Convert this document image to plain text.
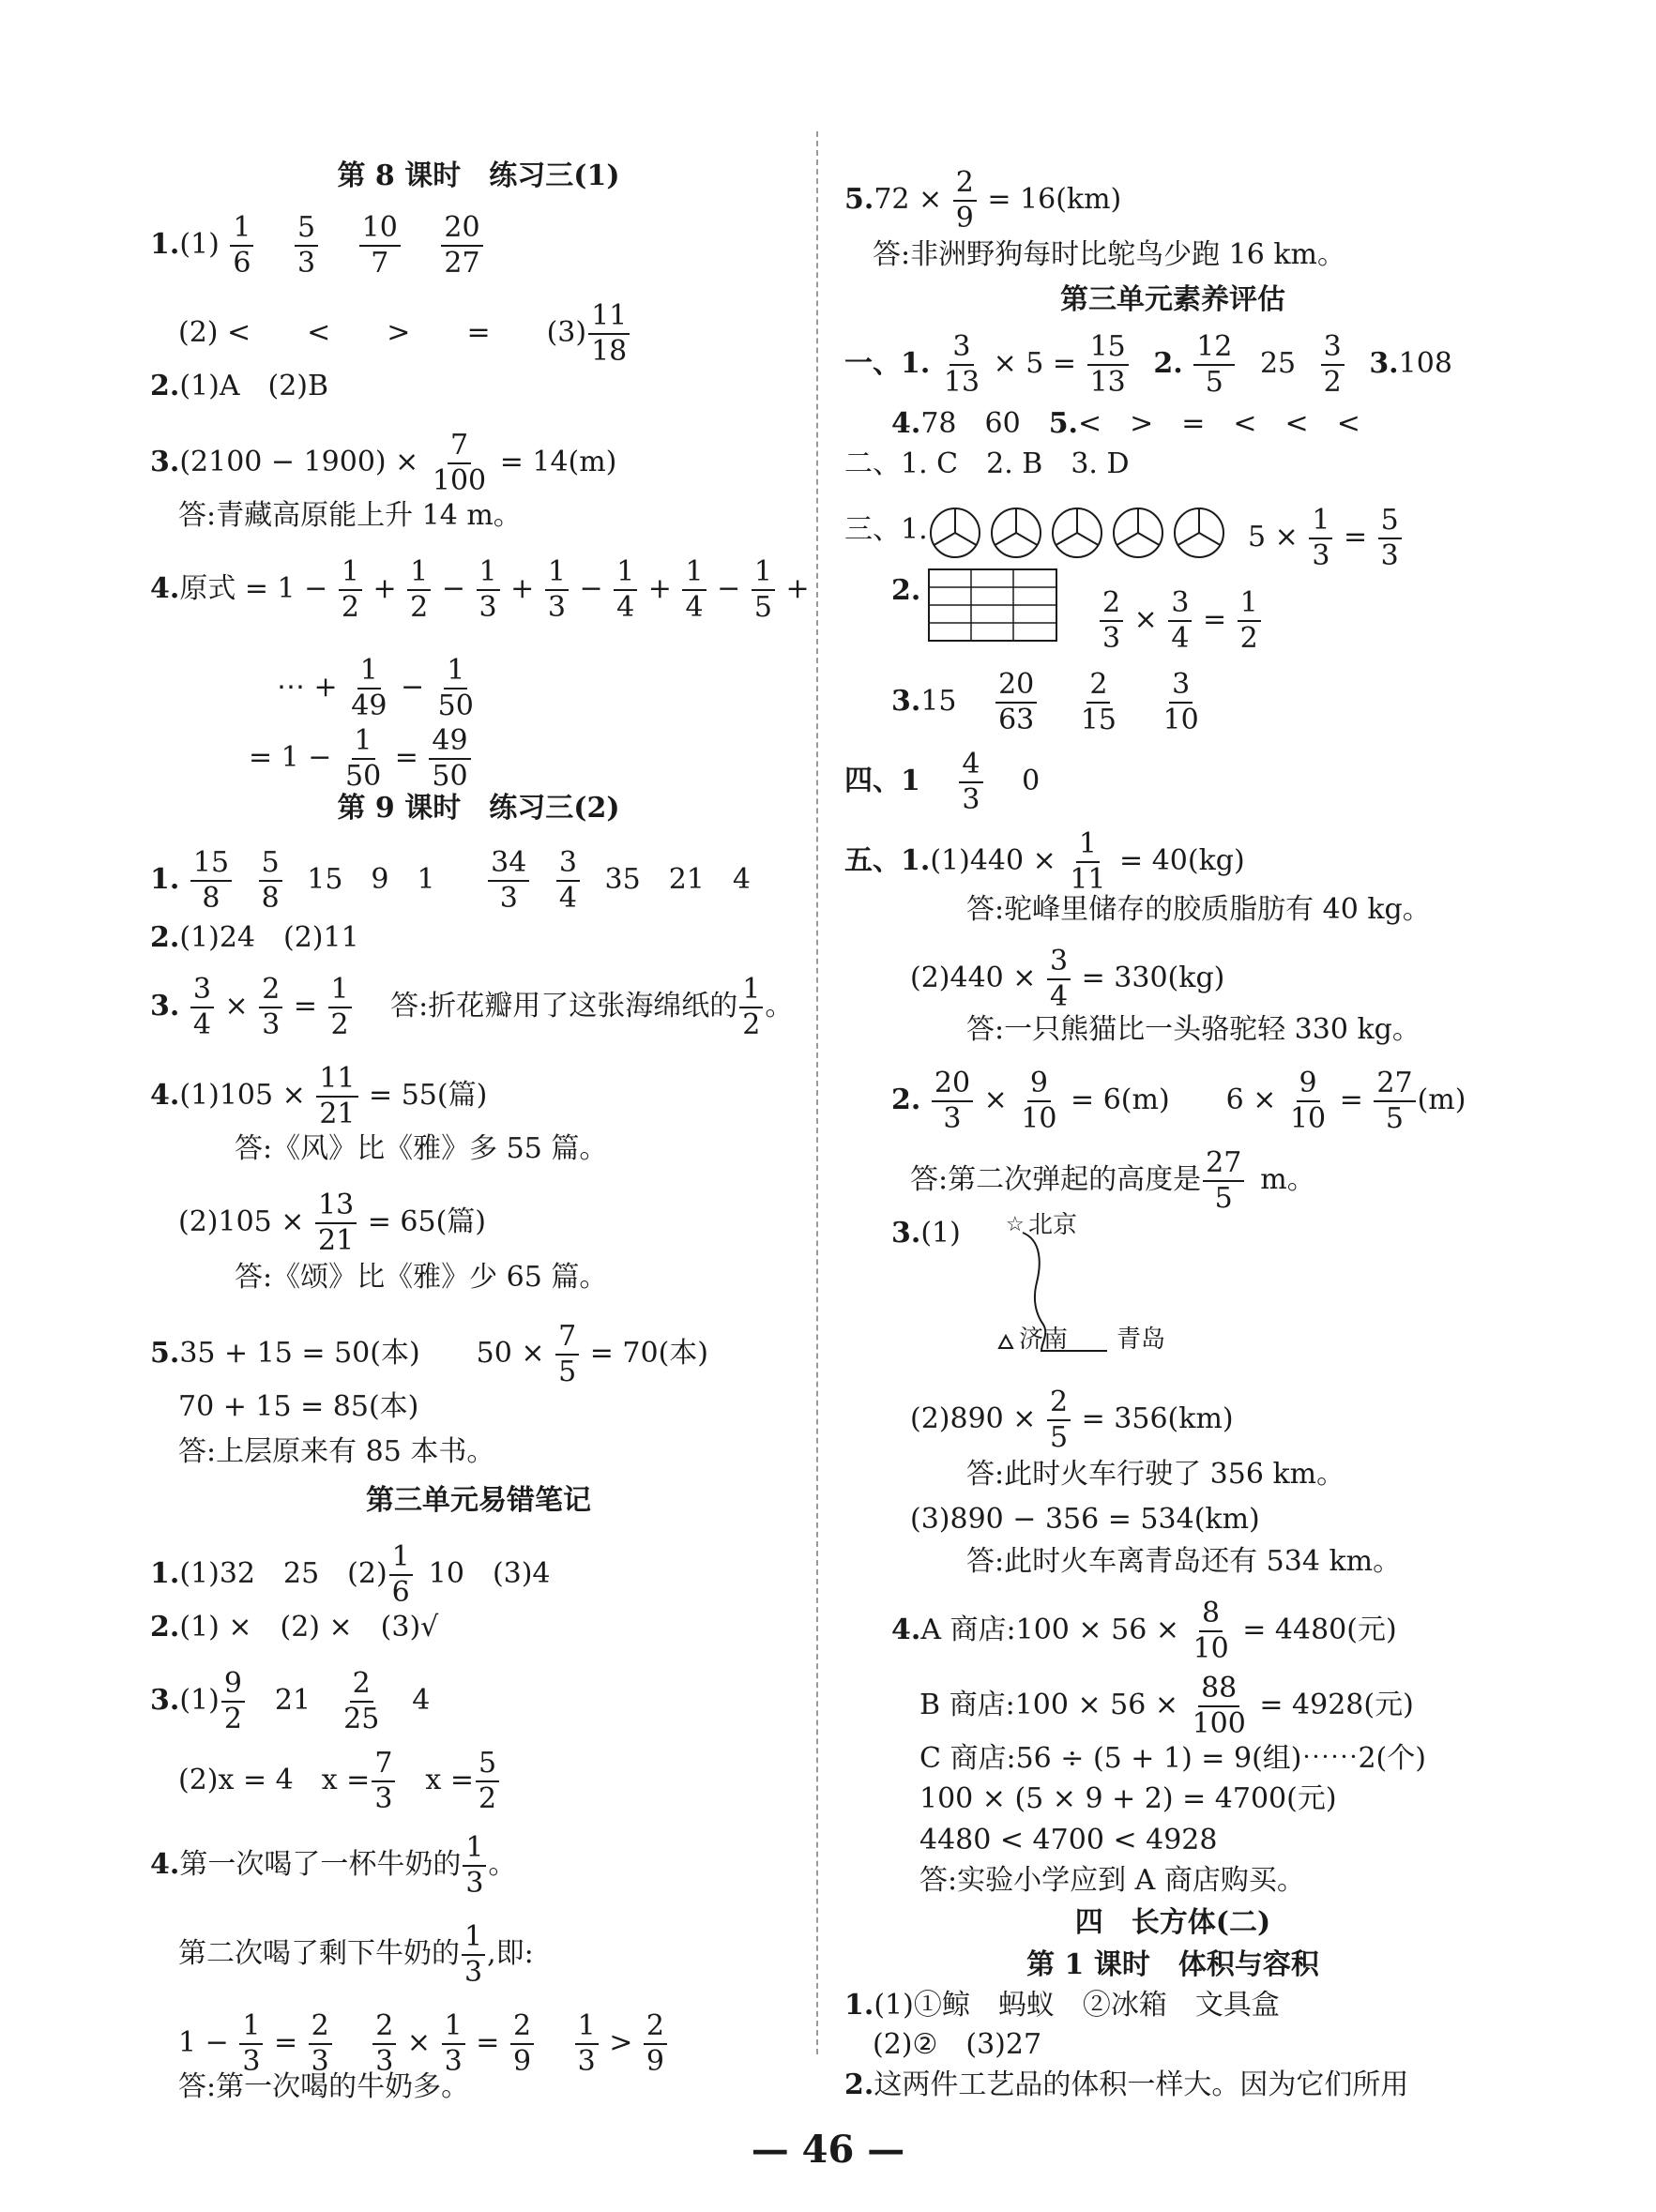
第 8 课时　练习三(1)
$1.(1) \frac{1}{6}$
  $\frac{5}{3}$
  $\frac{10}{7}$
  $\frac{20}{27}$
(2) <　　<　　>　　=   $(3) \frac{11}{18}$
2.(1)A　(2)B
$3.(2100 - 1900) \times \frac{7}{100} = 14(m)$
答:青藏高原能上升 14 m。
4.原式 = $1 - \frac{1}{2} + \frac{1}{2} - \frac{1}{3} + \frac{1}{3} - \frac{1}{4} + \frac{1}{4} - \frac{1}{5}$ +
⋯ + $\frac{1}{49} - \frac{1}{50}$
= $1 - \frac{1}{50} = \frac{49}{50}$
第 9 课时　练习三(2)
1. $\frac{15}{8}$
  $\frac{5}{8}$
  15　9　1   $\frac{34}{3}$
  $\frac{3}{4}$
  35　21　4
2.(1)24　(2)11
3. $\frac{3}{4} \times \frac{2}{3} = \frac{1}{2}$
  答:折花瓣用了这张海绵纸的 $\frac{1}{2}$ 。
$4.(1)105 \times \frac{11}{21} = 55$(篇)
答:《风》比《雅》多 55 篇。
$(2)105 \times \frac{13}{21} = 65$(篇)
答:《颂》比《雅》少 65 篇。
5.35 + 15 = 50(本)　　$50 \times \frac{7}{5} = 70$(本)
70 + 15 = 85(本)
答:上层原来有 85 本书。
第三单元易错笔记
1.(1)32　25　$(2) \frac{1}{6}$
  10　(3)4
2.(1) ×　(2) ×　(3)√
$3.(1) \frac{9}{2}$
  21  $\frac{2}{25}$
  4
(2)x = 4　$x = \frac{7}{3}$
  $x = \frac{5}{2}$
4.第一次喝了一杯牛奶的 $\frac{1}{3}$ 。
第二次喝了剩下牛奶的 $\frac{1}{3}$ ,即:
$1 - \frac{1}{3} = \frac{2}{3}$
  $\frac{2}{3} \times \frac{1}{3} = \frac{2}{9}$
  $\frac{1}{3} > \frac{2}{9}$
答:第一次喝的牛奶多。
$5.72 \times \frac{2}{9} = 16(km)$
答:非洲野狗每时比鸵鸟少跑 16 km。
第三单元素养评估
一、1. $\frac{3}{13} \times 5 = \frac{15}{13}$
  2. $\frac{12}{5}$
  25  $\frac{3}{2}$
  3.108
4.78　60  5.<　>　=　<　<　<
二、1. C　2. B　3. D
三、1.	$5 \times \frac{1}{3} = \frac{5}{3}$
2.	$\frac{2}{3} \times \frac{3}{4} = \frac{1}{2}$
3.15  $\frac{20}{63}$
  $\frac{2}{15}$
  $\frac{3}{10}$
四、1  $\frac{4}{3}$
  0
五、$1.(1)440 \times \frac{1}{11} = 40(kg)$
答:驼峰里储存的胶质脂肪有 40 kg。
$(2)440 \times \frac{3}{4} = 330(kg)$
答:一只熊猫比一头骆驼轻 330 kg。
2. $\frac{20}{3} \times \frac{9}{10} = 6(m)$　　$6 \times \frac{9}{10} = \frac{27}{5} (m)$
答:第二次弹起的高度是 $\frac{27}{5}$
  m。
3.(1) ☆ 北京
济南 青岛
$(2)890 \times \frac{2}{5} = 356(km)$
答:此时火车行驶了 356 km。
(3)890 − 356 = 534(km)
答:此时火车离青岛还有 534 km。
4.A 商店:100 × $56 \times \frac{8}{10} = 4480$(元)
B 商店:100 × $56 \times \frac{88}{100} = 4928$(元)
C 商店:56 ÷ (5 + 1) = 9(组)⋯⋯2(个)
100 × (5 × 9 + 2) = 4700(元)
4480 < 4700 < 4928
答:实验小学应到 A 商店购买。
四　长方体(二)
第 1 课时　体积与容积
1.(1)①鲸　蚂蚁　②冰箱　文具盒
(2)②　(3)27
2.这两件工艺品的体积一样大。因为它们所用
— 46 —
